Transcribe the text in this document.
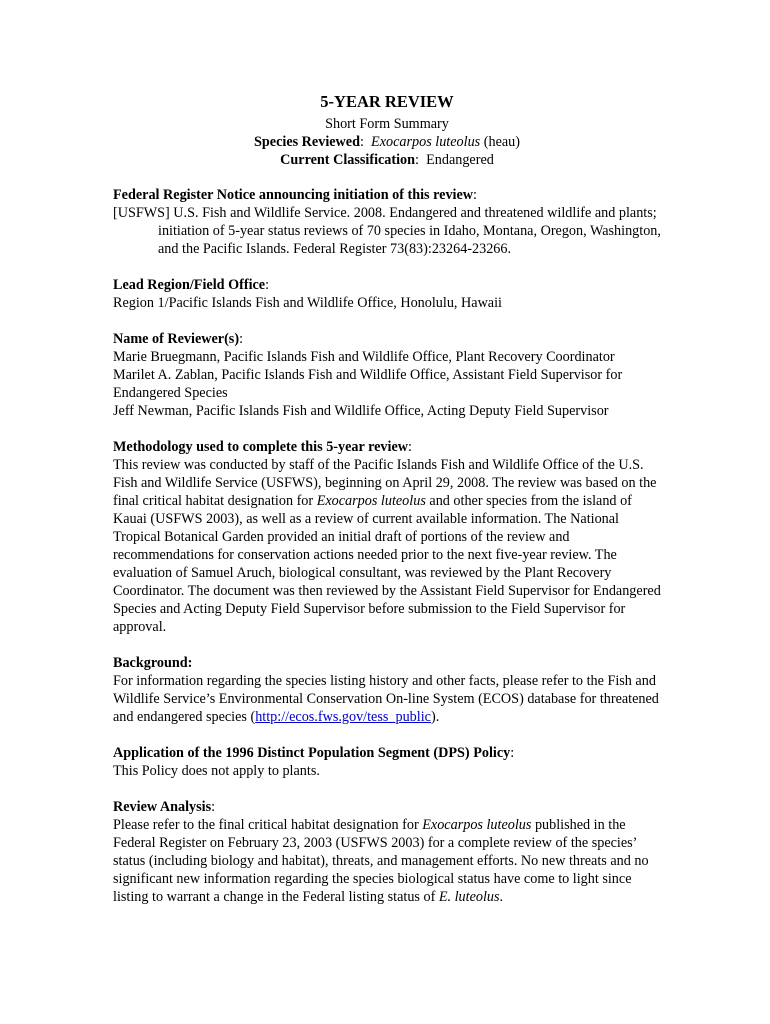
5-YEAR REVIEW

Short Form Summary

Species Reviewed:  Exocarpos luteolus (heau)

Current Classification:  Endangered

Federal Register Notice announcing initiation of this review:

[USFWS] U.S. Fish and Wildlife Service. 2008. Endangered and threatened wildlife and plants; initiation of 5-year status reviews of 70 species in Idaho, Montana, Oregon, Washington, and the Pacific Islands. Federal Register 73(83):23264-23266.

Lead Region/Field Office:

Region 1/Pacific Islands Fish and Wildlife Office, Honolulu, Hawaii

Name of Reviewer(s):

Marie Bruegmann, Pacific Islands Fish and Wildlife Office, Plant Recovery Coordinator

Marilet A. Zablan, Pacific Islands Fish and Wildlife Office, Assistant Field Supervisor for Endangered Species

Jeff Newman, Pacific Islands Fish and Wildlife Office, Acting Deputy Field Supervisor

Methodology used to complete this 5-year review:

This review was conducted by staff of the Pacific Islands Fish and Wildlife Office of the U.S. Fish and Wildlife Service (USFWS), beginning on April 29, 2008. The review was based on the final critical habitat designation for Exocarpos luteolus and other species from the island of Kauai (USFWS 2003), as well as a review of current available information. The National Tropical Botanical Garden provided an initial draft of portions of the review and recommendations for conservation actions needed prior to the next five-year review. The evaluation of Samuel Aruch, biological consultant, was reviewed by the Plant Recovery Coordinator. The document was then reviewed by the Assistant Field Supervisor for Endangered Species and Acting Deputy Field Supervisor before submission to the Field Supervisor for approval.

Background:

For information regarding the species listing history and other facts, please refer to the Fish and Wildlife Service’s Environmental Conservation On-line System (ECOS) database for threatened and endangered species (http://ecos.fws.gov/tess_public).

Application of the 1996 Distinct Population Segment (DPS) Policy:

This Policy does not apply to plants.

Review Analysis:

Please refer to the final critical habitat designation for Exocarpos luteolus published in the Federal Register on February 23, 2003 (USFWS 2003) for a complete review of the species’ status (including biology and habitat), threats, and management efforts. No new threats and no significant new information regarding the species biological status have come to light since listing to warrant a change in the Federal listing status of E. luteolus.
